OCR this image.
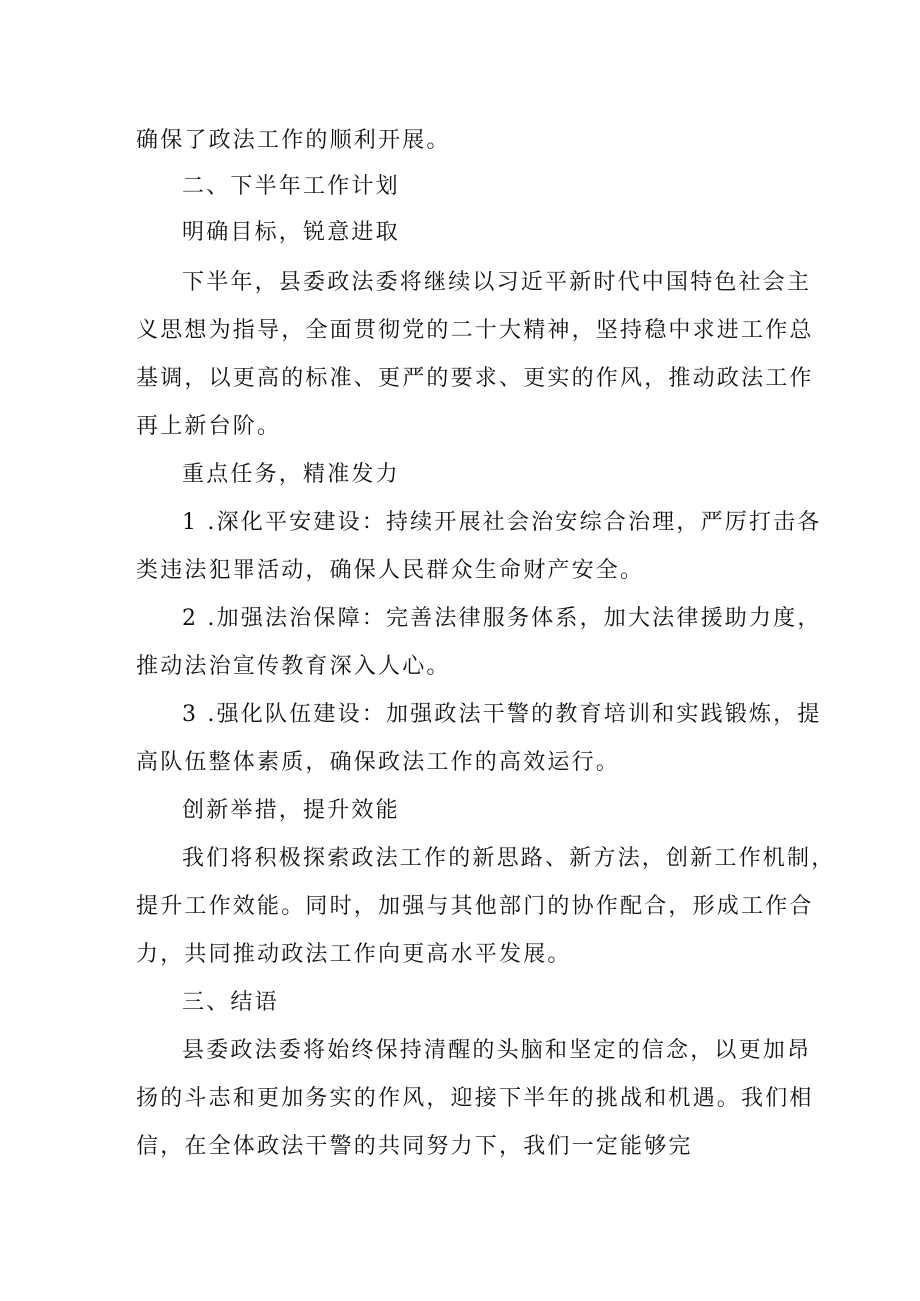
确保了政法工作的顺利开展。
二、下半年工作计划
明确目标，锐意进取
下半年，县委政法委将继续以习近平新时代中国特色社会主
义思想为指导，全面贯彻党的二十大精神，坚持稳中求进工作总
基调，以更高的标准、更严的要求、更实的作风，推动政法工作
再上新台阶。
重点任务，精准发力
1 .深化平安建设：持续开展社会治安综合治理，严厉打击各
类违法犯罪活动，确保人民群众生命财产安全。
2 .加强法治保障：完善法律服务体系，加大法律援助力度，
推动法治宣传教育深入人心。
3 .强化队伍建设：加强政法干警的教育培训和实践锻炼，提
高队伍整体素质，确保政法工作的高效运行。
创新举措，提升效能
我们将积极探索政法工作的新思路、新方法，创新工作机制，
提升工作效能。同时，加强与其他部门的协作配合，形成工作合
力，共同推动政法工作向更高水平发展。
三、结语
县委政法委将始终保持清醒的头脑和坚定的信念，以更加昂
扬的斗志和更加务实的作风，迎接下半年的挑战和机遇。我们相
信，在全体政法干警的共同努力下，我们一定能够完
